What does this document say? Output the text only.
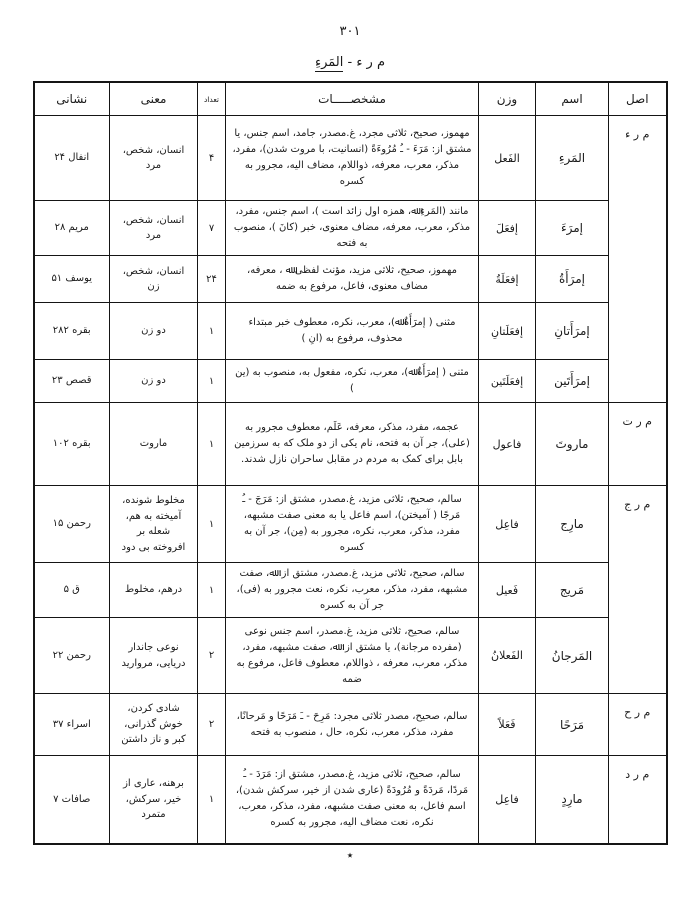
٣٠١
م ر ء - المَرءِ
اصل	اسم	وزن	مشخصـــــات	تعداد	معنی	نشانی
م ر ء	المَرءِ	الفَعل	مهموز، صحیح، ثلاثی مجرد، غ.مصدر، جامد، اسم جنس، یا مشتق از: مَرَءَ - ـُ مُرُوءَةً (انسانیت، با مروت شدن)، مفرد، مذکر، معرب، معرفه، ذواللام، مضاف الیه، مجرور به کسره	۴	انسان، شخص، مرد	انفال ۲۴
	إمرَءَ	إفعَلَ	مانند (المَرءِ ﷲ، همزه اول زائد است )، اسم جنس، مفرد، مذکر، معرب، معرفه، مضاف معنوی، خبر (کانَ )، منصوب به فتحه	۷	انسان، شخص، مرد	مریم ۲۸
	إمرَأَةُ	إفعَلَةُ	مهموز، صحیح، ثلاثی مزید، مؤنث لفظی ﷲ ، معرفه، مضاف معنوی، فاعل، مرفوع به ضمه	۲۴	انسان، شخص، زن	یوسف ۵۱
	إمرَأَتانِ	إفعَلَتانِ	مثنی ( إمرَأَةٌ ﷲ)، معرب، نکره، معطوف خبر مبتداء محذوف، مرفوع به (انِ )	۱	دو زن	بقره ۲۸۲
	إمرَأَتَین	إفعَلَتَین	مثنی ( إمرَأَةٌ ﷲ)، معرب، نکره، مفعول به، منصوب به (ین )	۱	دو زن	قصص ۲۳
م ر ت	ماروتَ	فاعول	عجمه، مفرد، مذکر، معرفه، عَلَم، معطوف مجرور به (علی)، جر آن به فتحه، نام یکی از دو ملک که به سرزمین بابل برای کمک به مردم در مقابل ساحران نازل شدند.	۱	ماروت	بقره ۱۰۲
م ر ج	مارِج	فاعِل	سالم، صحیح، ثلاثی مزید، غ.مصدر، مشتق از: مَرَجَ - ـُ مَرجًا ( آمیختن)، اسم فاعل یا به معنی صفت مشبهه، مفرد، مذکر، معرب، نکره، مجرور به (مِن)، جر آن به کسره	۱	مخلوط شونده، آمیخته به هم، شعله بر افروخته بی دود	رحمن ۱۵
	مَریج	فَعیل	سالم، صحیح، ثلاثی مزید، غ.مصدر، مشتق از: ﷲ، صفت مشبهه، مفرد، مذکر، معرب، نکره، نعت مجرور به (فی)، جر آن به کسره	۱	درهم، مخلوط	ق ۵
	المَرجانُ	الفَعلانُ	سالم، صحیح، ثلاثی مزید، غ.مصدر، اسم جنس نوعی (مفرده مرجانة)، یا مشتق از: ﷲ، صفت مشبهه، مفرد، مذکر، معرب، معرفه ، ذواللام، معطوف فاعل، مرفوع به ضمه	۲	نوعی جاندار دریایی، مروارید	رحمن ۲۲
م ر ح	مَرَحًا	فَعَلاً	سالم، صحیح، مصدر ثلاثی مجرد: مَرِحَ - ـَ مَرَحًا و مَرحانًا، مفرد، مذکر، معرب، نکره، حال ، منصوب به فتحه	۲	شادی کردن، خوش گذرانی، کبر و ناز داشتن	اسراء ۳۷
م ر د	مارِدٍ	فاعِل	سالم، صحیح، ثلاثی مزید، غ.مصدر، مشتق از: مَرَدَ - ـُ مَردًا، مَردَةً و مُرُودَةً (عاری شدن از خیر، سرکش شدن)، اسم فاعل، به معنی صفت مشبهه، مفرد، مذکر، معرب، نکره، نعت مضاف الیه، مجرور به کسره	۱	برهنه، عاری از خیر، سرکش، متمرد	صافات ۷
٭
